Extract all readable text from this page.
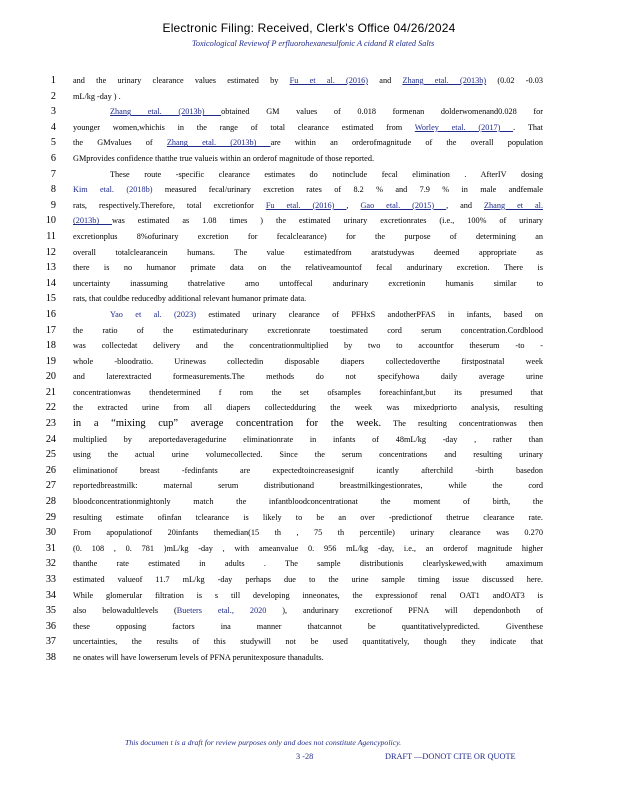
Electronic Filing: Received, Clerk's Office 04/26/2024
Toxicological Reviewof P erfluorohexanesulfonic A cidand R elated Salts
1 and the urinary clearance values estimated by Fu et al. (2016) and Zhang etal. (2013b) (0.02 -0.03
2 mL/kg -day ) .
3	Zhang etal. (2013b) obtained GM values of 0.018 formenan dolderwomenand0.028 for
4 younger women,whichis in the range of total clearance estimated from Worley etal. (2017) . That
5 the GMvalues of Zhang etal. (2013b) are within an orderofmagnitude of the overall population
6 GMprovides confidence thatthe true valueis within an orderof magnitude of those reported.
7	These route -specific clearance estimates do notinclude fecal elimination . AfterIV dosing
8 Kim etal. (2018b) measured fecal/urinary excretion rates of 8.2 % and 7.9 % in male andfemale
9 rats, respectively.Therefore, total excretionfor Fu etal. (2016) , Gao etal. (2015) , and Zhang et al.
10 (2013b) was estimated as 1.08 times ) the estimated urinary excretionrates (i.e., 100% of urinary
11 excretionplus 8%ofurinary excretion for fecalclearance) for the purpose of determining an
12 overall totalclearancein humans. The value estimatedfrom aratstudywas deemed appropriate as
13 there is no humanor primate data on the relativeamountof fecal andurinary excretion. There is
14 uncertainty inassuming thatrelative amo untoffecal andurinary excretionin humanis similar to
15 rats, that couldbe reducedby additional relevant humanor primate data.
16	Yao et al. (2023) estimated urinary clearance of PFHxS andotherPFAS in infants, based on
17 the ratio of the estimatedurinary excretionrate toestimated cord serum concentration.Cordblood
18 was collectedat delivery and the concentrationmultiplied by two to accountfor theserum -to -
19 whole -bloodratio. Urinewas collectedin disposable diapers collectedoverthe firstpostnatal week
20 and laterextracted formeasurements.The methods do not specifyhowa daily average urine
21 concentrationwas thendetermined f rom the set ofsamples foreachinfant,but its presumed that
22 the extracted urine from all diapers collectedduring the week was mixedpriorto analysis, resulting
23 in a “mixing cup” average concentration for the week. The resulting concentrationwas then
24 multiplied by areportedaveragedurine eliminationrate in infants of 48mL/kg -day , rather than
25 using the actual urine volumecollected. Since the serum concentrations and resulting urinary
26 eliminationof breast -fedinfants are expectedtoincreasesignif icantly afterchild -birth basedon
27 reportedbreastmilk: maternal serum distributionand breastmilkingestionrates, while the cord
28 bloodconcentrationmightonly match the infantbloodconcentrationat the moment of birth, the
29 resulting estimate ofinfan tclearance is likely to be an over -predictionof thetrue clearance rate.
30 From apopulationof 20infants themedian(15 th , 75 th percentile) urinary clearance was 0.270
31 (0. 108 , 0. 781 )mL/kg -day , with ameanvalue 0. 956 mL/kg -day, i.e., an orderof magnitude higher
32 thanthe rate estimated in adults . The sample distributionis clearlyskewed,with amaximum
33 estimated valueof 11.7 mL/kg -day perhaps due to the urine sample timing issue discussed here.
34 While glomerular filtration is s till developing inneonates, the expressionof renal OAT1 andOAT3 is
35 also belowadultlevels (Bueters etal., 2020 ), andurinary excretionof PFNA will dependonboth of
36 these opposing factors ina manner thatcannot be quantitativelypredicted. Giventhese
37 uncertainties, the results of this studywill not be used quantitatively, though they indicate that
38 ne onates will have lowerserum levels of PFNA perunitexposure thanadults.
This documen t is a draft for review purposes only and does not constitute Agencypolicy.
3 -28	DRAFT —DONOT CITE OR QUOTE
